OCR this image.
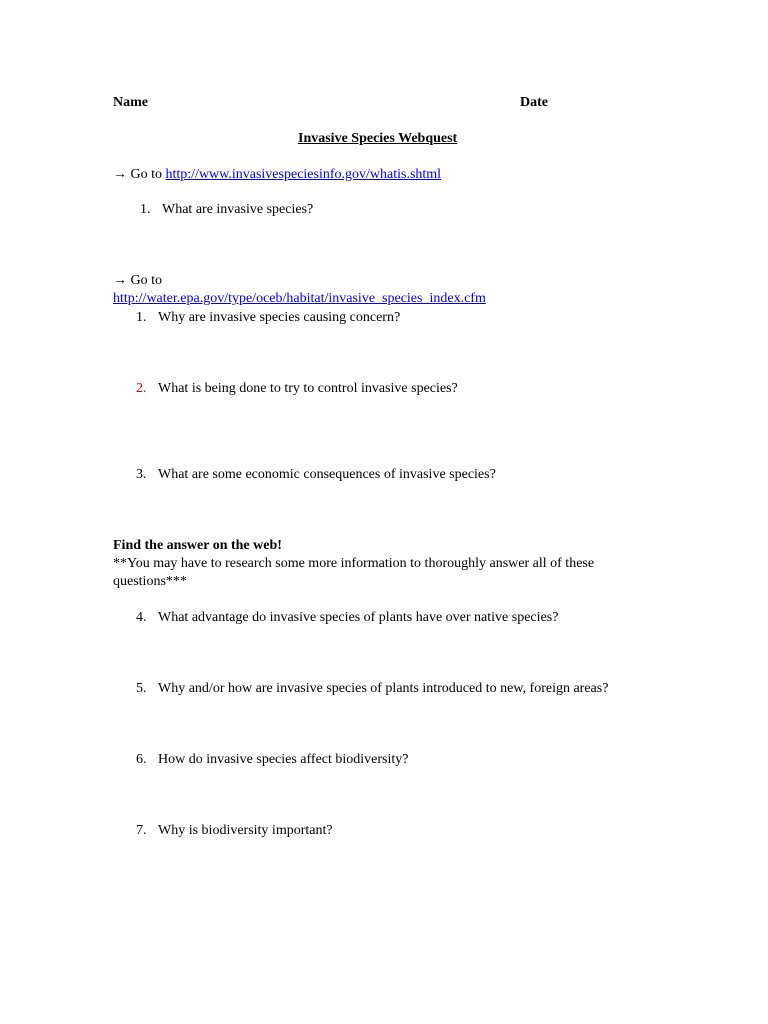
Name	Date
Invasive Species Webquest
→ Go to http://www.invasivespeciesinfo.gov/whatis.shtml
1. What are invasive species?
→ Go to
http://water.epa.gov/type/oceb/habitat/invasive_species_index.cfm
1. Why are invasive species causing concern?
2. What is being done to try to control invasive species?
3. What are some economic consequences of invasive species?
Find the answer on the web!
**You may have to research some more information to thoroughly answer all of these
questions***
4. What advantage do invasive species of plants have over native species?
5. Why and/or how are invasive species of plants introduced to new, foreign areas?
6. How do invasive species affect biodiversity?
7. Why is biodiversity important?
